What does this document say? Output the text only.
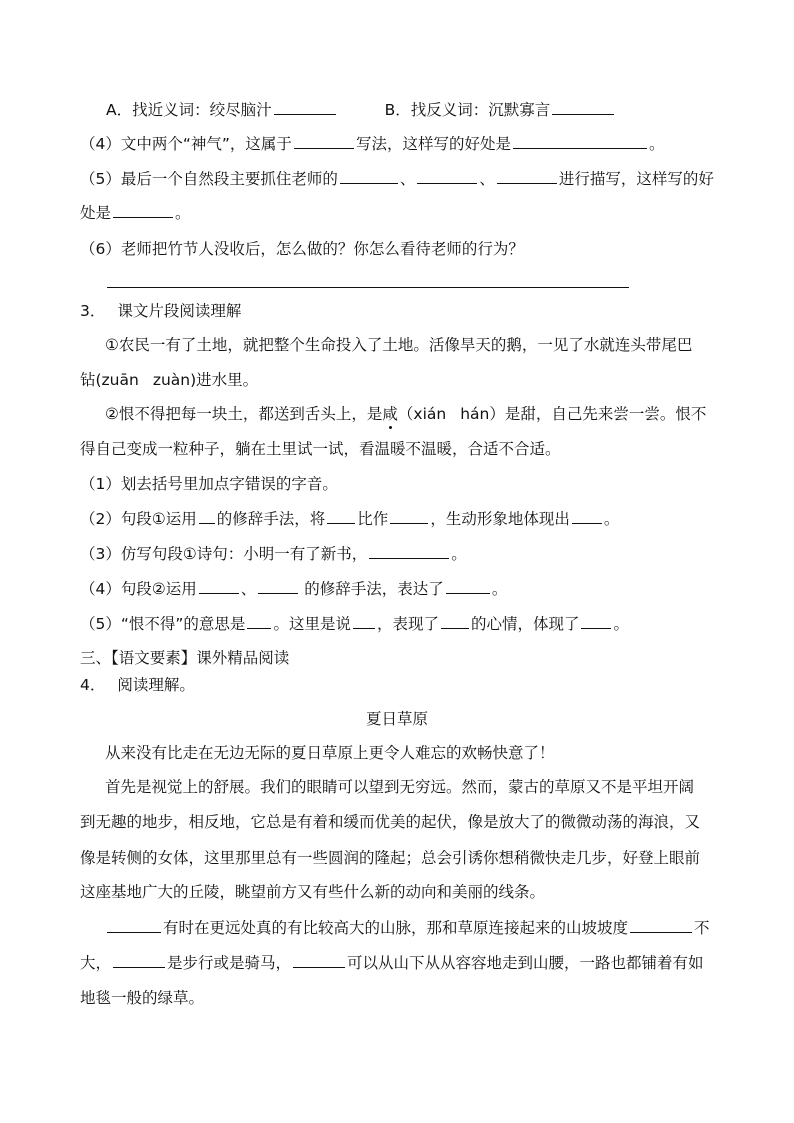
A．找近义词：绞尽脑汁	B．找反义词：沉默寡言
（4）文中两个“神气”，这属于	写法，这样写的好处是	。
（5）最后一个自然段主要抓住老师的	、	、	进行描写，这样写的好
处是	。
（6）老师把竹节人没收后，怎么做的？你怎么看待老师的行为？
3． 课文片段阅读理解
①农民一有了土地，就把整个生命投入了土地。活像旱天的鹅，一见了水就连头带尾巴
钻(zuān zuàn)进水里。
②恨不得把每一块土，都送到舌头上，是咸（xián hán）是甜，自己先来尝一尝。恨不
得自己变成一粒种子，躺在土里试一试，看温暖不温暖，合适不合适。
（1）划去括号里加点字错误的字音。
（2）句段①运用 的修辞手法，将 比作	，生动形象地体现出 。
（3）仿写句段①诗句：小明一有了新书，	。
（4）句段②运用	、	的修辞手法，表达了	。
（5）“恨不得”的意思是 。这里是说 ，表现了 的心情，体现了 。
三、【语文要素】课外精品阅读
4． 阅读理解。
夏日草原
从来没有比走在无边无际的夏日草原上更令人难忘的欢畅快意了！
首先是视觉上的舒展。我们的眼睛可以望到无穷远。然而，蒙古的草原又不是平坦开阔
到无趣的地步，相反地，它总是有着和缓而优美的起伏，像是放大了的微微动荡的海浪，又
像是转侧的女体，这里那里总有一些圆润的隆起；总会引诱你想稍微快走几步，好登上眼前
这座基地广大的丘陵，眺望前方又有些什么新的动向和美丽的线条。
有时在更远处真的有比较高大的山脉，那和草原连接起来的山坡坡度	不
大，	是步行或是骑马，	可以从山下从从容容地走到山腰，一路也都铺着有如
地毯一般的绿草。
